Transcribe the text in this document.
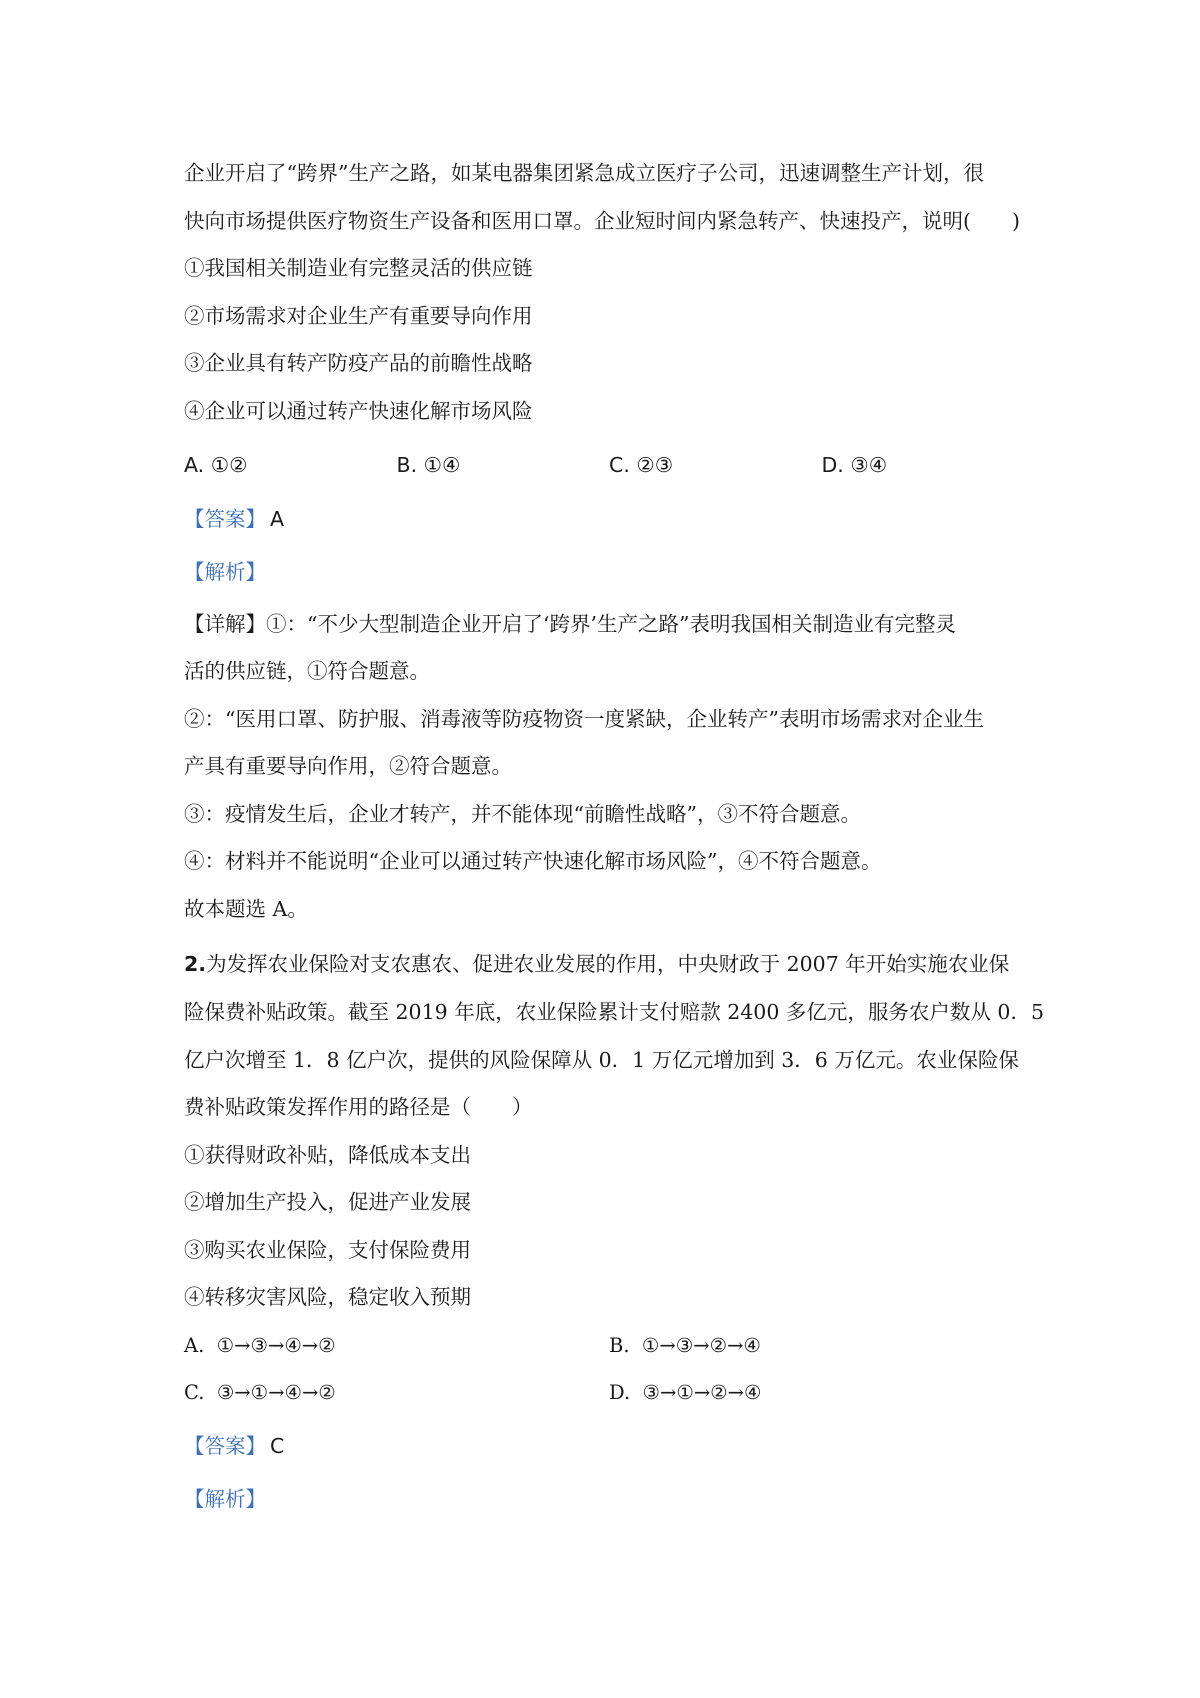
企业开启了“跨界”生产之路，如某电器集团紧急成立医疗子公司，迅速调整生产计划，很
快向市场提供医疗物资生产设备和医用口罩。企业短时间内紧急转产、快速投产，说明(　　)
①我国相关制造业有完整灵活的供应链
②市场需求对企业生产有重要导向作用
③企业具有转产防疫产品的前瞻性战略
④企业可以通过转产快速化解市场风险
A. ①②	B. ①④	C. ②③	D. ③④
【答案】 A
【解析】
【详解】①：“不少大型制造企业开启了‘跨界’生产之路”表明我国相关制造业有完整灵
活的供应链，①符合题意。
②：“医用口罩、防护服、消毒液等防疫物资一度紧缺，企业转产”表明市场需求对企业生
产具有重要导向作用，②符合题意。
③：疫情发生后，企业才转产，并不能体现“前瞻性战略”，③不符合题意。
④：材料并不能说明“企业可以通过转产快速化解市场风险”，④不符合题意。
故本题选 A。
2.为发挥农业保险对支农惠农、促进农业发展的作用，中央财政于 2007 年开始实施农业保
险保费补贴政策。截至 2019 年底，农业保险累计支付赔款 2400 多亿元，服务农户数从 0．5
亿户次增至 1．8 亿户次，提供的风险保障从 0．1 万亿元增加到 3．6 万亿元。农业保险保
费补贴政策发挥作用的路径是（　　）
①获得财政补贴，降低成本支出
②增加生产投入，促进产业发展
③购买农业保险，支付保险费用
④转移灾害风险，稳定收入预期
A.  ①→③→④→②	B.  ①→③→②→④
C.  ③→①→④→②	D.  ③→①→②→④
【答案】 C
【解析】
